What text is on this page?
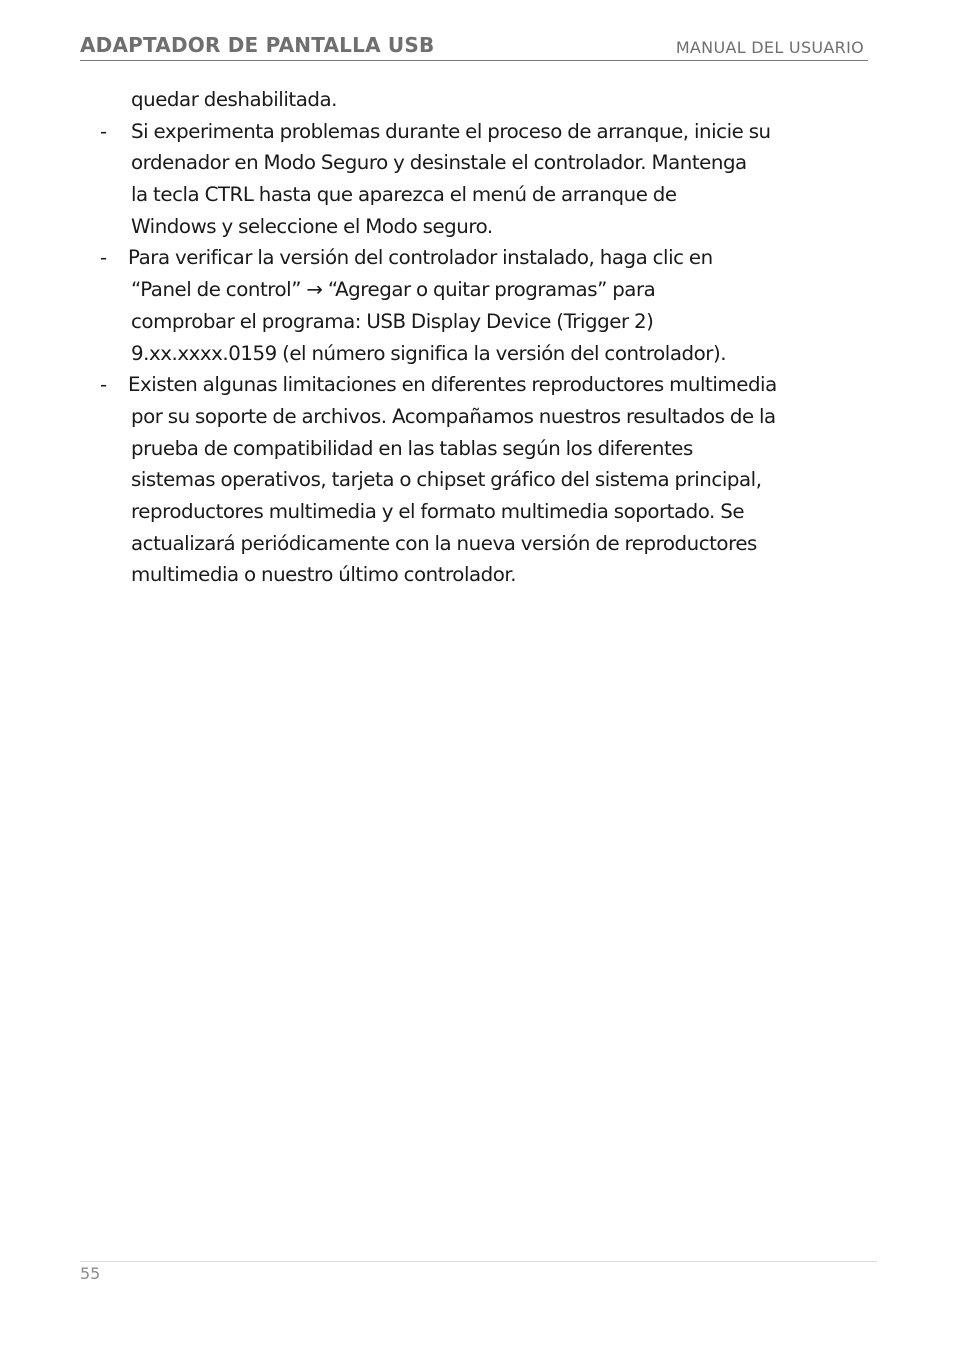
ADAPTADOR DE PANTALLA USB	MANUAL DEL USUARIO
quedar deshabilitada.
- Si experimenta problemas durante el proceso de arranque, inicie su
ordenador en Modo Seguro y desinstale el controlador. Mantenga
la tecla CTRL hasta que aparezca el menú de arranque de
Windows y seleccione el Modo seguro.
- Para verificar la versión del controlador instalado, haga clic en
“Panel de control” → “Agregar o quitar programas” para
comprobar el programa: USB Display Device (Trigger 2)
9.xx.xxxx.0159 (el número significa la versión del controlador).
- Existen algunas limitaciones en diferentes reproductores multimedia
por su soporte de archivos. Acompañamos nuestros resultados de la
prueba de compatibilidad en las tablas según los diferentes
sistemas operativos, tarjeta o chipset gráfico del sistema principal,
reproductores multimedia y el formato multimedia soportado. Se
actualizará periódicamente con la nueva versión de reproductores
multimedia o nuestro último controlador.
55
